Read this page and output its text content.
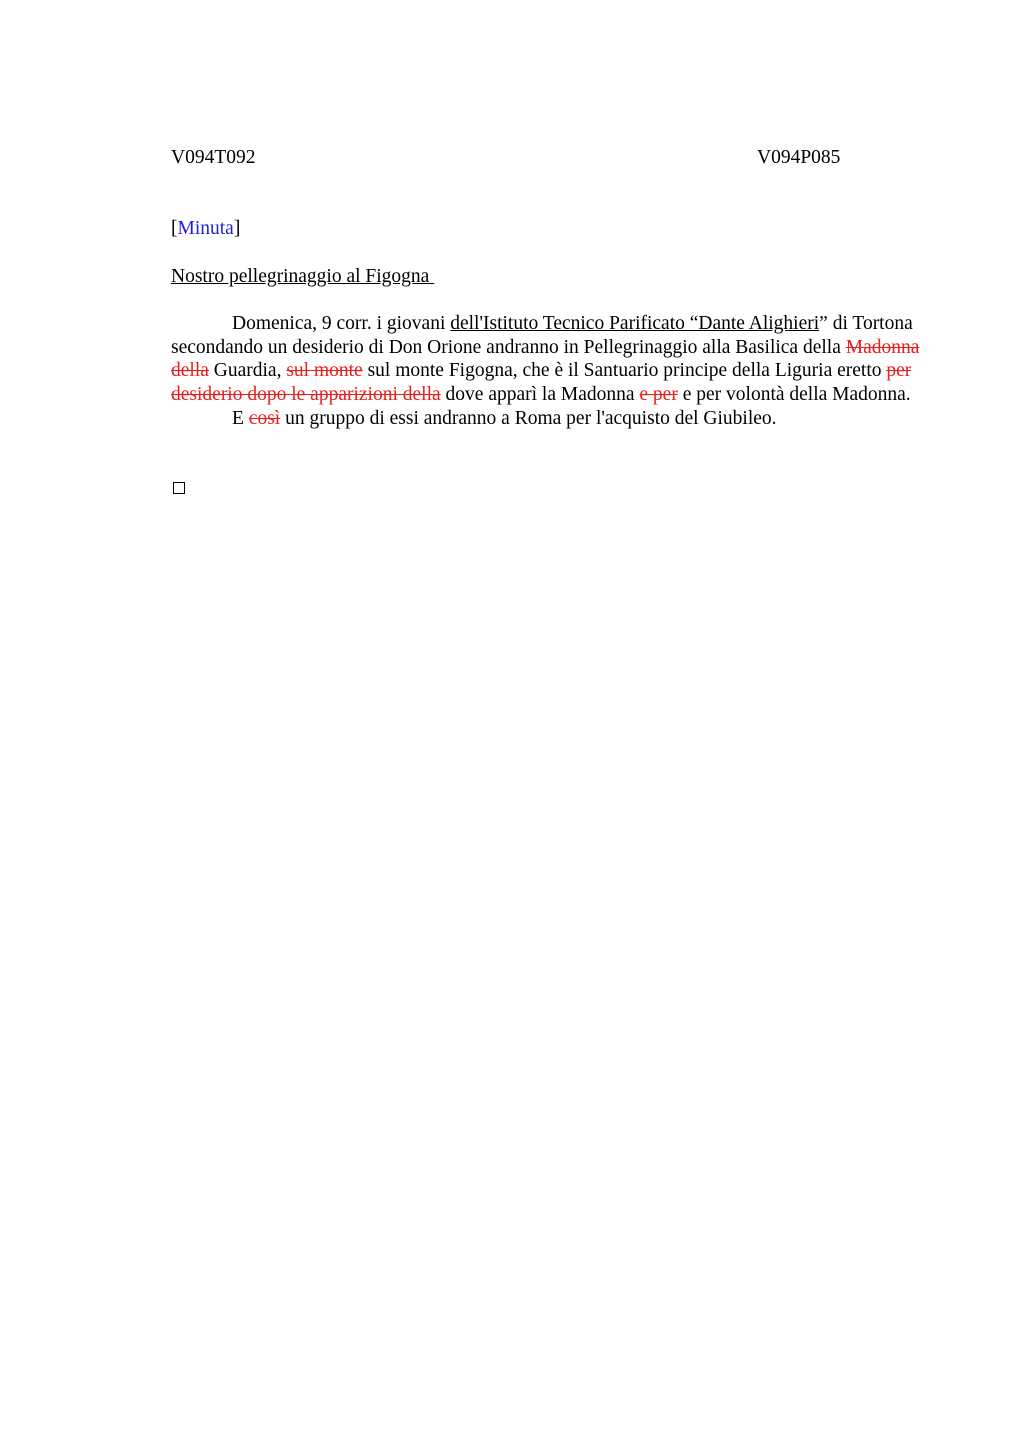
V094T092	V094P085
[Minuta]
Nostro pellegrinaggio al Figogna

Domenica, 9 corr. i giovani dell'Istituto Tecnico Parificato “Dante Alighieri” di Tortona secondando un desiderio di Don Orione andranno in Pellegrinaggio alla Basilica della Madonna della Guardia, sul monte sul monte Figogna, che è il Santuario principe della Liguria eretto per desiderio dopo le apparizioni della dove apparì la Madonna e per e per volontà della Madonna.

E così un gruppo di essi andranno a Roma per l'acquisto del Giubileo.
